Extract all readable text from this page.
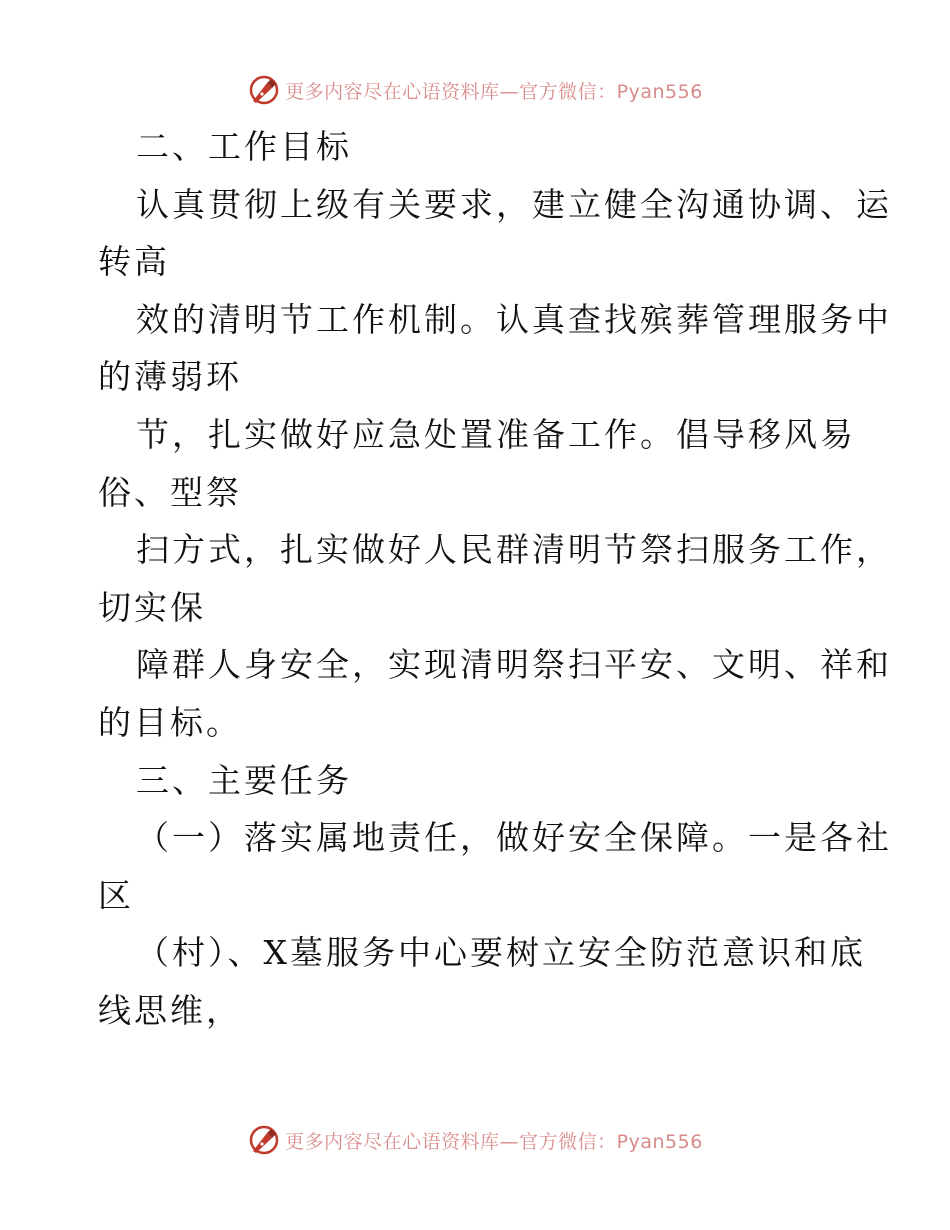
更多内容尽在心语资料库—官方微信：Pyan556
二、工作目标
认真贯彻上级有关要求，建立健全沟通协调、运
转高
效的清明节工作机制。认真查找殡葬管理服务中
的薄弱环
节，扎实做好应急处置准备工作。倡导移风易
俗、型祭
扫方式，扎实做好人民群清明节祭扫服务工作，
切实保
障群人身安全，实现清明祭扫平安、文明、祥和
的目标。
三、主要任务
（一）落实属地责任，做好安全保障。一是各社
区
（村）、X墓服务中心要树立安全防范意识和底
线思维，
更多内容尽在心语资料库—官方微信：Pyan556
